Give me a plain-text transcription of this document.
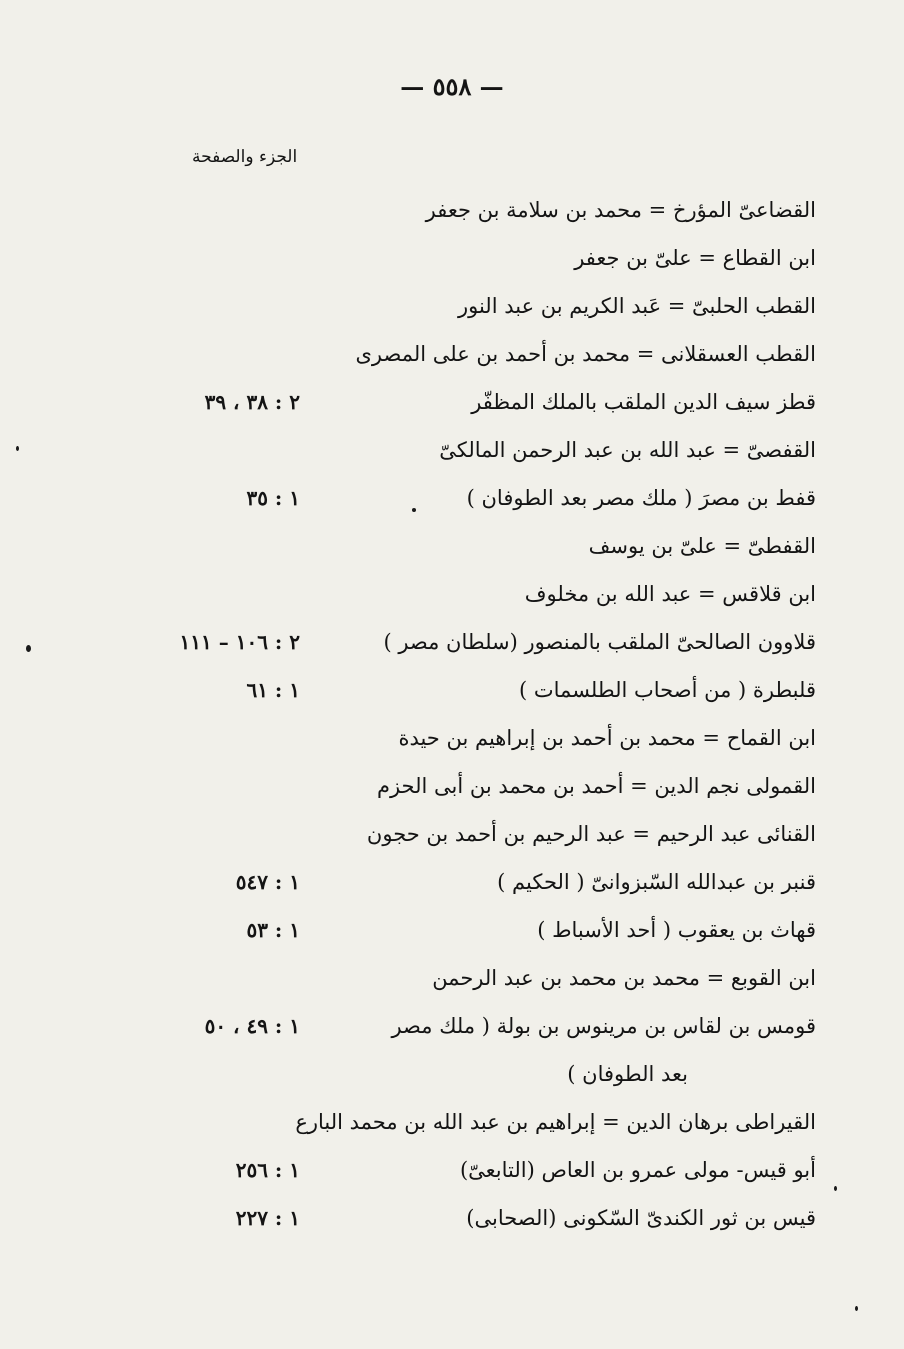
— ٥٥٨ —
الجزء والصفحة
القضاعىّ المؤرخ = محمد بن سلامة بن جعفر
ابن القطاع = علىّ بن جعفر
القطب الحلبىّ = عَبد الكريم بن عبد النور
القطب العسقلانى = محمد بن أحمد بن على المصرى
قطز سيف الدين الملقب بالملك المظفّر
٢ : ٣٨ ، ٣٩
القفصىّ = عبد الله بن عبد الرحمن المالكىّ
قفط بن مصرَ ( ملك مصر بعد الطوفان )
١ : ٣٥
القفطىّ = علىّ بن يوسف
ابن قلاقس = عبد الله بن مخلوف
قلاوون الصالحىّ الملقب بالمنصور (سلطان مصر )
٢ : ١٠٦ – ١١١
قلبطرة ( من أصحاب الطلسمات )
١ : ٦١
ابن القماح = محمد بن أحمد بن إبراهيم بن حيدة
القمولى نجم الدين = أحمد بن محمد بن أبى الحزم
القنائى عبد الرحيم = عبد الرحيم بن أحمد بن حجون
قنبر بن عبدالله السّبزوانىّ ( الحكيم )
١ : ٥٤٧
قهاث بن يعقوب ( أحد الأسباط )
١ : ٥٣
ابن القوبع = محمد بن محمد بن عبد الرحمن
قومس بن لقاس بن مرينوس بن بولة ( ملك مصر
١ : ٤٩ ، ٥٠
بعد الطوفان )
القيراطى برهان الدين = إبراهيم بن عبد الله بن محمد البارع
أبو قيس- مولى عمرو بن العاص (التابعىّ)
١ : ٢٥٦
قيس بن ثور الكندىّ السّكونى (الصحابى)
١ : ٢٢٧
